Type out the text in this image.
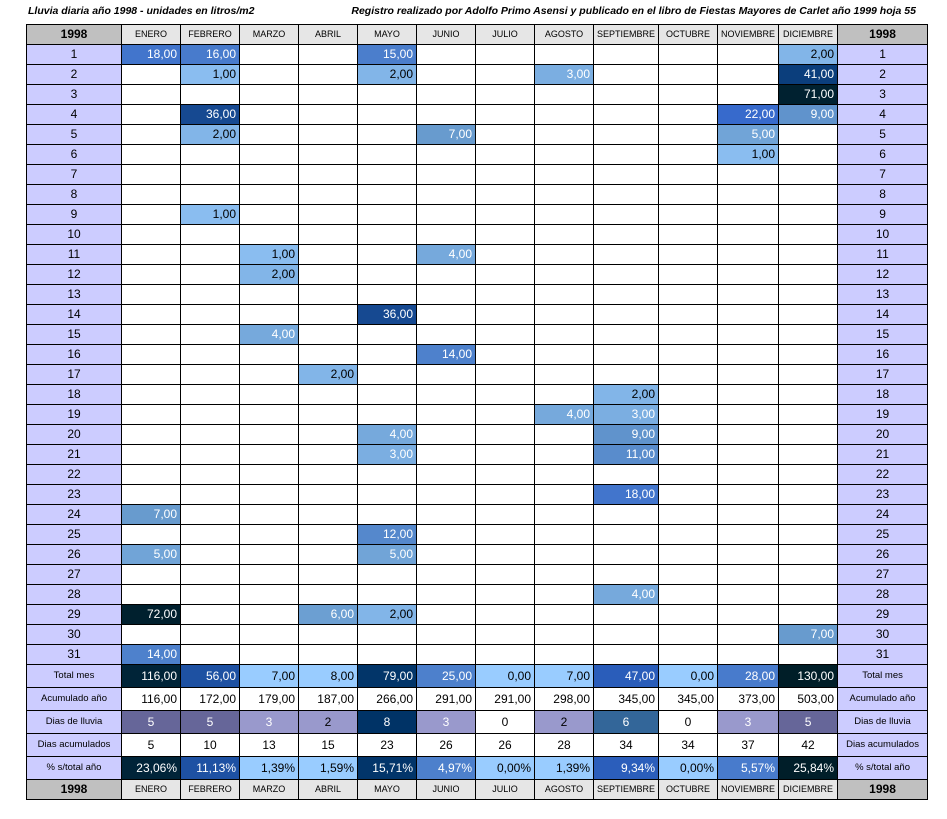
Lluvia diaria año 1998 - unidades en litros/m2	Registro realizado por Adolfo Primo Asensi y publicado en el libro de Fiestas Mayores de Carlet año 1999 hoja 55
1998	ENERO	FEBRERO	MARZO	ABRIL	MAYO	JUNIO	JULIO	AGOSTO	SEPTIEMBRE	OCTUBRE	NOVIEMBRE	DICIEMBRE	1998
1	18,00	16,00			15,00							2,00	1
2		1,00			2,00			3,00				41,00	2
3												71,00	3
4		36,00									22,00	9,00	4
5		2,00				7,00					5,00		5
6											1,00		6
7													7
8													8
9		1,00											9
10													10
11			1,00			4,00							11
12			2,00										12
13													13
14					36,00								14
15			4,00										15
16						14,00							16
17				2,00									17
18									2,00				18
19								4,00	3,00				19
20					4,00				9,00				20
21					3,00				11,00				21
22													22
23									18,00				23
24	7,00												24
25					12,00								25
26	5,00				5,00								26
27													27
28									4,00				28
29	72,00			6,00	2,00								29
30												7,00	30
31	14,00												31
Total mes	116,00	56,00	7,00	8,00	79,00	25,00	0,00	7,00	47,00	0,00	28,00	130,00	Total mes
Acumulado año	116,00	172,00	179,00	187,00	266,00	291,00	291,00	298,00	345,00	345,00	373,00	503,00	Acumulado año
Dias de lluvia	5	5	3	2	8	3	0	2	6	0	3	5	Dias de lluvia
Dias acumulados	5	10	13	15	23	26	26	28	34	34	37	42	Dias acumulados
% s/total año	23,06%	11,13%	1,39%	1,59%	15,71%	4,97%	0,00%	1,39%	9,34%	0,00%	5,57%	25,84%	% s/total año
1998	ENERO	FEBRERO	MARZO	ABRIL	MAYO	JUNIO	JULIO	AGOSTO	SEPTIEMBRE	OCTUBRE	NOVIEMBRE	DICIEMBRE	1998
